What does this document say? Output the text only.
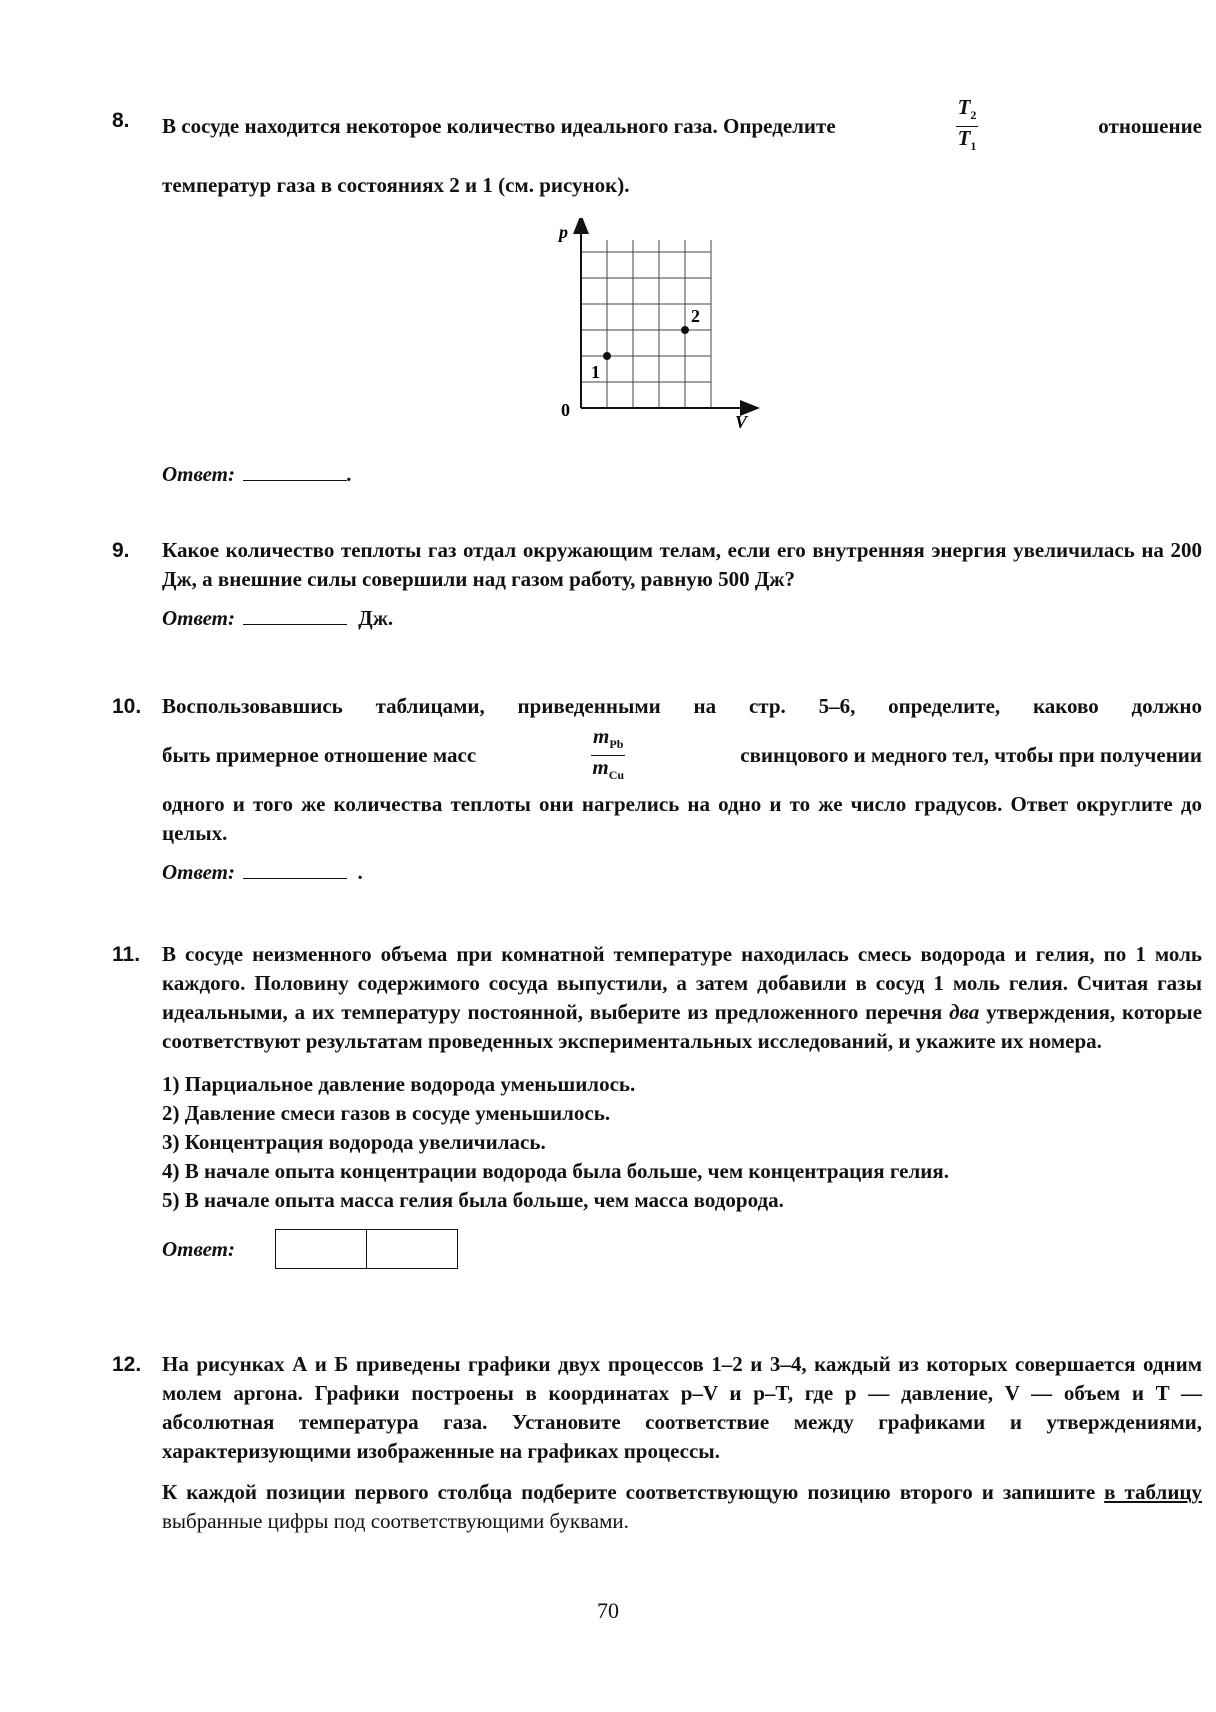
8. В сосуде находится некоторое количество идеального газа. Определите	$\frac{T_2}{T_1}$	отношение

температур газа в состояниях 2 и 1 (см. рисунок).

p
V
0
1
2
Ответ:	.
9. Какое количество теплоты газ отдал окружающим телам, если его внутренняя энергия увеличилась на 200 Дж, а внешние силы совершили над газом работу, равную 500 Дж?

Ответ:	Дж.
10. Воспользовавшись таблицами, приведенными на стр. 5–6, определите, каково должно

быть примерное отношение масс	$\frac{m_{Pb}}{m_{Cu}}$	свинцового и медного тел, чтобы при получении

одного и того же количества теплоты они нагрелись на одно и то же число градусов. Ответ округлите до целых.

Ответ:	.
11. В сосуде неизменного объема при комнатной температуре находилась смесь водорода и гелия, по 1 моль каждого. Половину содержимого сосуда выпустили, а затем добавили в сосуд 1 моль гелия. Считая газы идеальными, а их температуру постоянной, выберите из предложенного перечня два утверждения, которые соответствуют результатам проведенных экспериментальных исследований, и укажите их номера.

1) Парциальное давление водорода уменьшилось.
2) Давление смеси газов в сосуде уменьшилось.
3) Концентрация водорода увеличилась.
4) В начале опыта концентрации водорода была больше, чем концентрация гелия.
5) В начале опыта масса гелия была больше, чем масса водорода.
Ответ:
12. На рисунках А и Б приведены графики двух процессов 1–2 и 3–4, каждый из которых совершается одним молем аргона. Графики построены в координатах p–V и p–T, где p — давление, V — объем и T — абсолютная температура газа. Установите соответствие между графиками и утверждениями, характеризующими изображенные на графиках процессы.

К каждой позиции первого столбца подберите соответствующую позицию второго и запишите в таблицу выбранные цифры под соответствующими буквами.

70
